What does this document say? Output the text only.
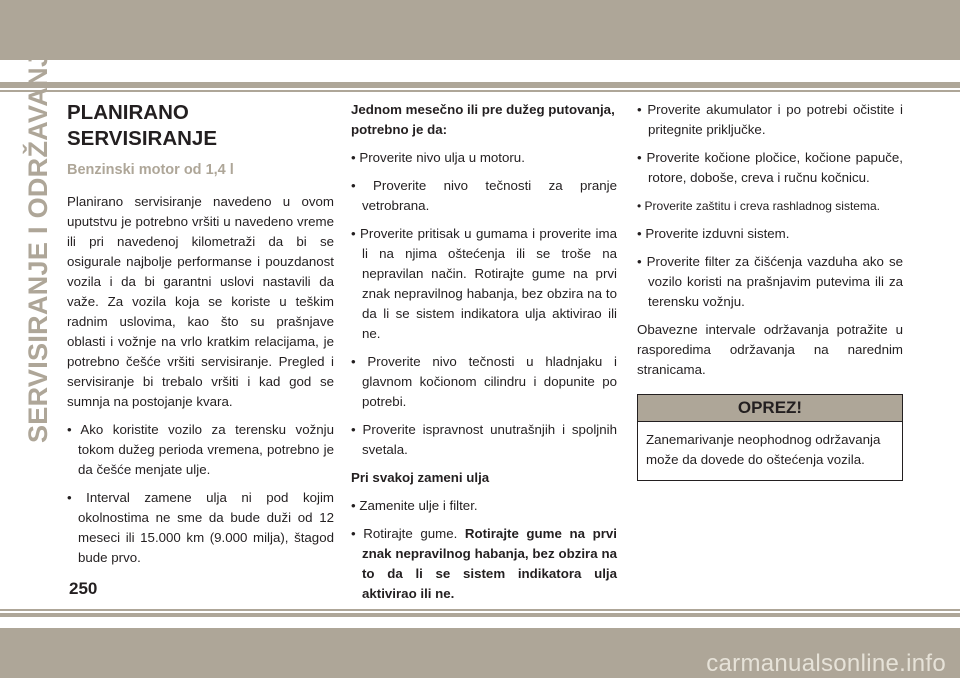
SERVISIRANJE I ODRŽAVANJE PLANIRANO SERVISIRANJE
Benzinski motor od 1,4 l

Planirano servisiranje navedeno u ovom uputstvu je potrebno vršiti u navedeno vreme ili pri navedenoj kilometraži da bi se osigurale najbolje performanse i pouzdanost vozila i da bi garantni uslovi nastavili da važe. Za vozila koja se koriste u teškim radnim uslovima, kao što su prašnjave oblasti i vožnje na vrlo kratkim relacijama, je potrebno češće vršiti servisiranje. Pregled i servisiranje bi trebalo vršiti i kad god se sumnja na postojanje kvara.

• Ako koristite vozilo za terensku vožnju tokom dužeg perioda vremena, potrebno je da češće menjate ulje.
• Interval zamene ulja ni pod kojim okolnostima ne sme da bude duži od 12 meseci ili 15.000 km (9.000 milja), štagod bude prvo.

Jednom mesečno ili pre dužeg putovanja, potrebno je da:

• Proverite nivo ulja u motoru.
• Proverite nivo tečnosti za pranje vetrobrana.
• Proverite pritisak u gumama i proverite ima li na njima oštećenja ili se troše na nepravilan način. Rotirajte gume na prvi znak nepravilnog habanja, bez obzira na to da li se sistem indikatora ulja aktivirao ili ne.
• Proverite nivo tečnosti u hladnjaku i glavnom kočionom cilindru i dopunite po potrebi.
• Proverite ispravnost unutrašnjih i spoljnih svetala.

Pri svakoj zameni ulja

• Zamenite ulje i filter.
• Rotirajte gume. Rotirajte gume na prvi znak nepravilnog habanja, bez obzira na to da li se sistem indikatora ulja aktivirao ili ne.
• Proverite akumulator i po potrebi očistite i pritegnite priključke.
• Proverite kočione pločice, kočione papuče, rotore, doboše, creva i ručnu kočnicu.
• Proverite zaštitu i creva rashladnog sistema.
• Proverite izduvni sistem.
• Proverite filter za čišćenja vazduha ako se vozilo koristi na prašnjavim putevima ili za terensku vožnju.

Obavezne intervale održavanja potražite u rasporedima održavanja na narednim stranicama.

OPREZ!
Zanemarivanje neophodnog održavanja može da dovede do oštećenja vozila.
250
carmanualsonline.info
